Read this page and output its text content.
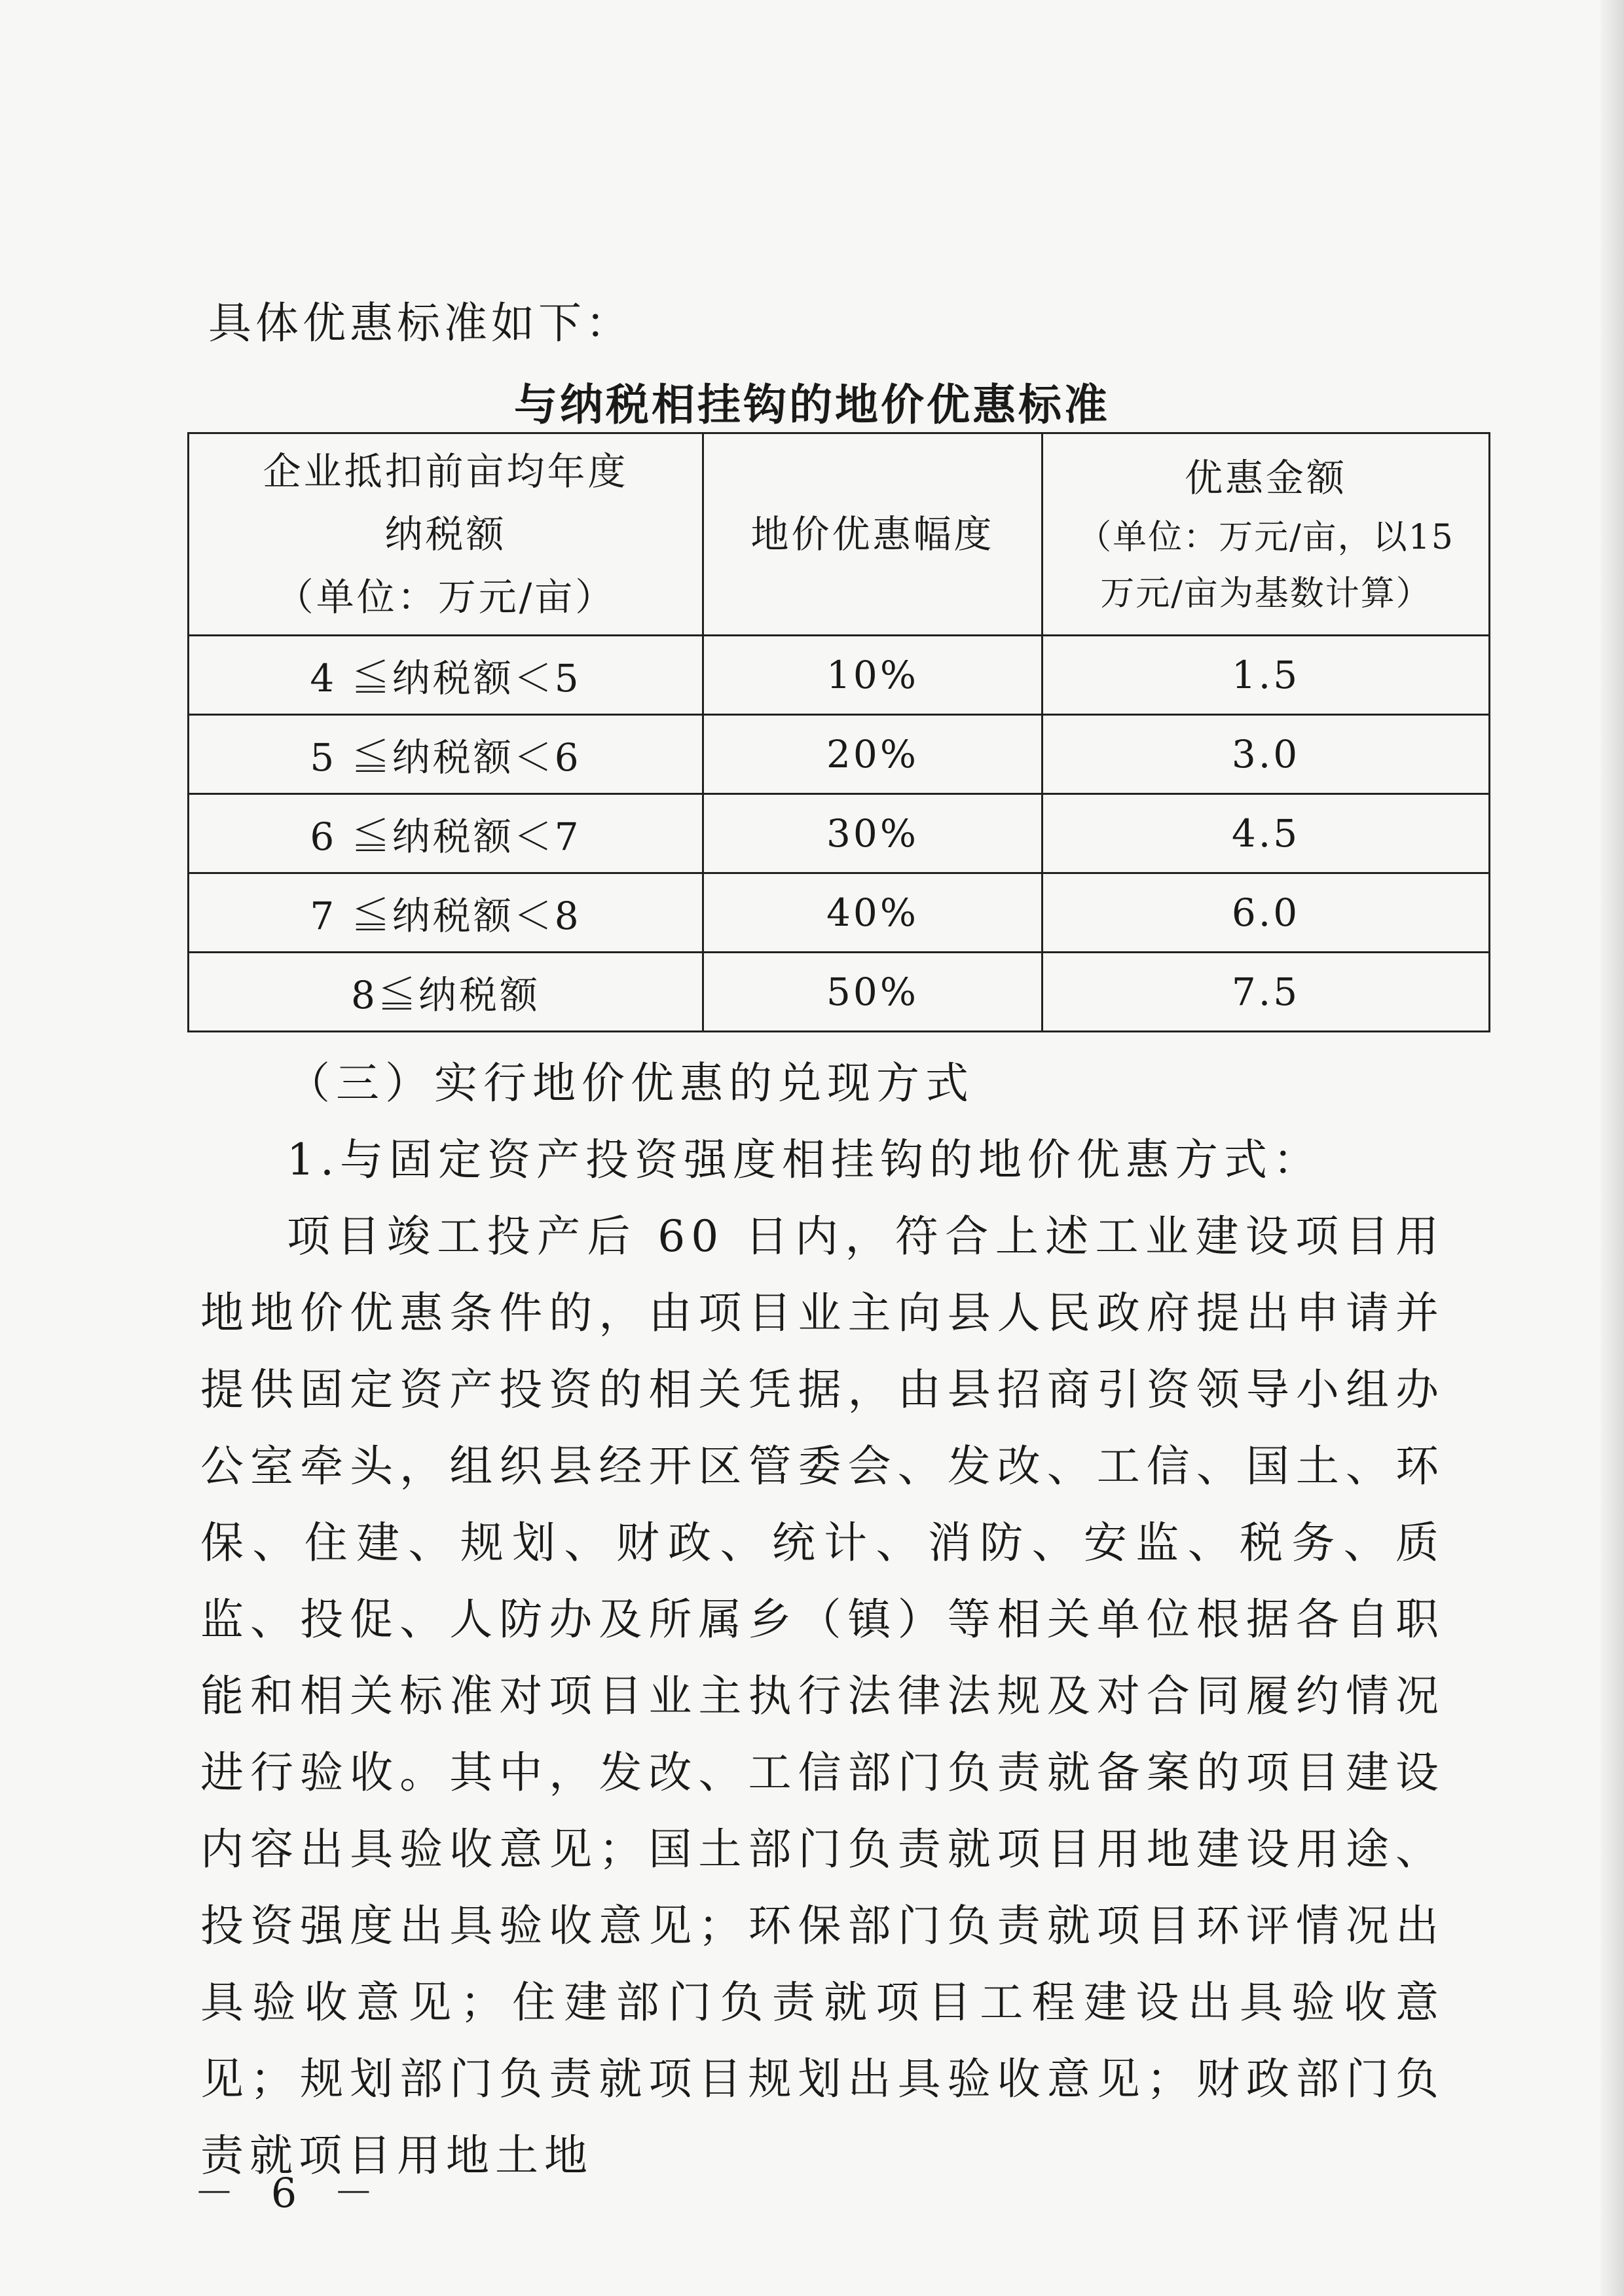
具体优惠标准如下：
与纳税相挂钩的地价优惠标准
企业抵扣前亩均年度
纳税额
（单位：万元/亩）	地价优惠幅度	优惠金额
（单位：万元/亩，以15
万元/亩为基数计算）

4 ≦纳税额＜5	10%	1.5
5 ≦纳税额＜6	20%	3.0
6 ≦纳税额＜7	30%	4.5
7 ≦纳税额＜8	40%	6.0
8≦纳税额	50%	7.5

（三）实行地价优惠的兑现方式

1.与固定资产投资强度相挂钩的地价优惠方式：

项目竣工投产后 60 日内，符合上述工业建设项目用地地价优惠条件的，由项目业主向县人民政府提出申请并提供固定资产投资的相关凭据，由县招商引资领导小组办公室牵头，组织县经开区管委会、发改、工信、国土、环保、住建、规划、财政、统计、消防、安监、税务、质监、投促、人防办及所属乡（镇）等相关单位根据各自职能和相关标准对项目业主执行法律法规及对合同履约情况进行验收。其中，发改、工信部门负责就备案的项目建设内容出具验收意见；国土部门负责就项目用地建设用途、投资强度出具验收意见；环保部门负责就项目环评情况出具验收意见；住建部门负责就项目工程建设出具验收意见；规划部门负责就项目规划出具验收意见；财政部门负责就项目用地土地

－ 6 －
